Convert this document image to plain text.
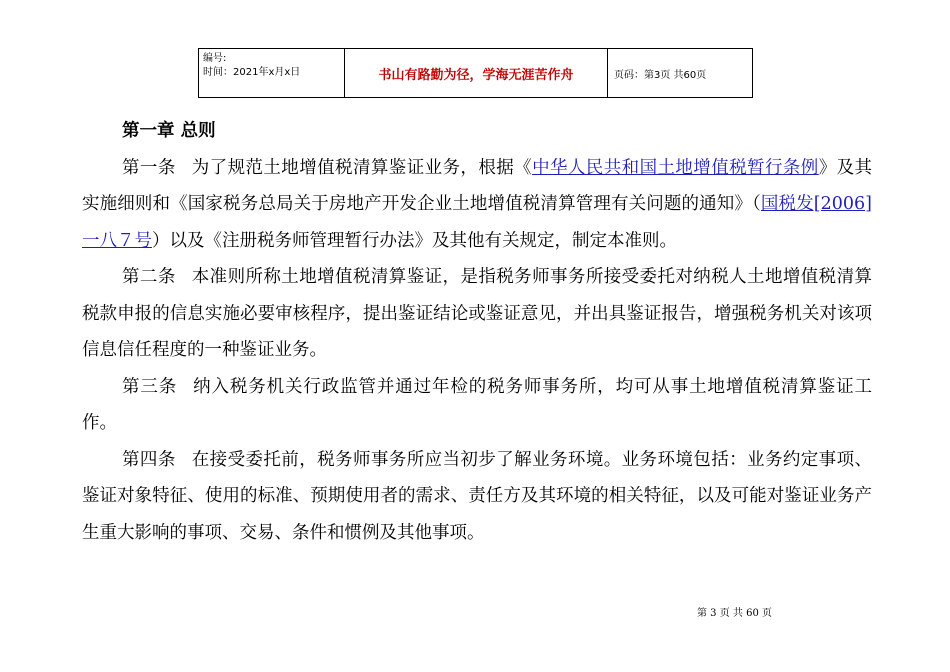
编号:
时间：2021年x月x日	书山有路勤为径，学海无涯苦作舟	页码：第3页 共60页

第一章 总则

第一条 为了规范土地增值税清算鉴证业务，根据《中华人民共和国土地增值税暂行条例》及其实施细则和《国家税务总局关于房地产开发企业土地增值税清算管理有关问题的通知》（国税发[2006]一八７号）以及《注册税务师管理暂行办法》及其他有关规定，制定本准则。

第二条 本准则所称土地增值税清算鉴证，是指税务师事务所接受委托对纳税人土地增值税清算税款申报的信息实施必要审核程序，提出鉴证结论或鉴证意见，并出具鉴证报告，增强税务机关对该项信息信任程度的一种鉴证业务。

第三条 纳入税务机关行政监管并通过年检的税务师事务所，均可从事土地增值税清算鉴证工作。

第四条 在接受委托前，税务师事务所应当初步了解业务环境。业务环境包括：业务约定事项、鉴证对象特征、使用的标准、预期使用者的需求、责任方及其环境的相关特征，以及可能对鉴证业务产生重大影响的事项、交易、条件和惯例及其他事项。

第 3 页 共 60 页
